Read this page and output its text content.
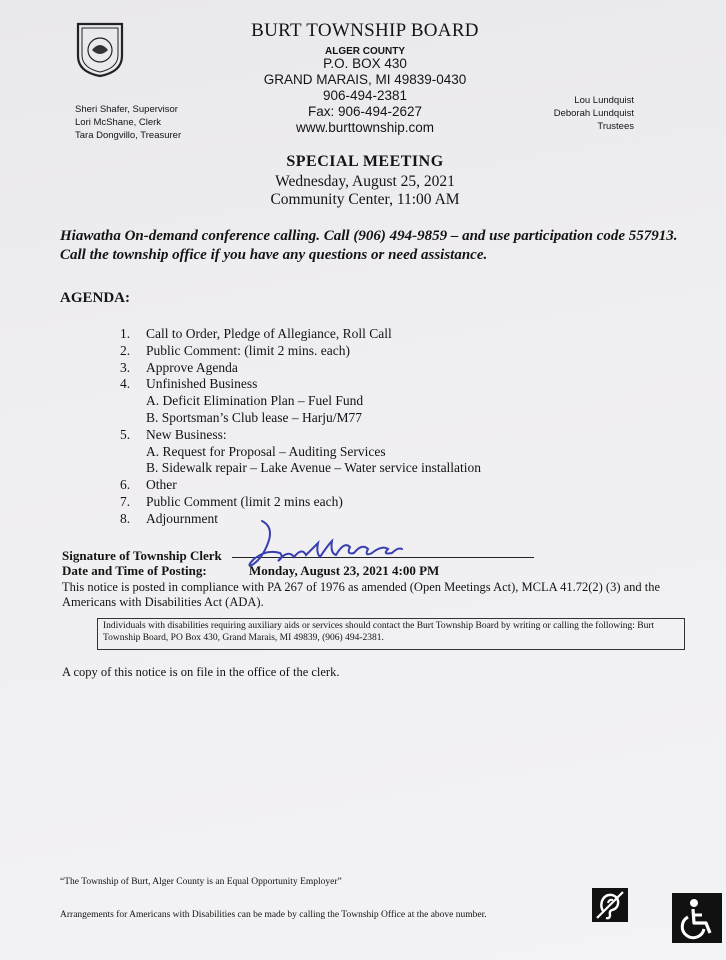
BURT TOWNSHIP BOARD
ALGER COUNTY
P.O. BOX 430
GRAND MARAIS, MI 49839-0430
906-494-2381
Fax: 906-494-2627
www.burttownship.com
Sheri Shafer, Supervisor
Lori McShane, Clerk
Tara Dongvillo, Treasurer
Lou Lundquist
Deborah Lundquist
Trustees
SPECIAL MEETING
Wednesday, August 25, 2021
Community Center, 11:00 AM
Hiawatha On-demand conference calling. Call (906) 494-9859 – and use participation code 557913. Call the township office if you have any questions or need assistance.
AGENDA:
1.	Call to Order, Pledge of Allegiance, Roll Call
2.	Public Comment: (limit 2 mins. each)
3.	Approve Agenda
4.	Unfinished Business
A. Deficit Elimination Plan – Fuel Fund
B. Sportsman’s Club lease – Harju/M77
5.	New Business:
A. Request for Proposal – Auditing Services
B. Sidewalk repair – Lake Avenue – Water service installation
6.	Other
7.	Public Comment (limit 2 mins each)
8.	Adjournment
Signature of Township Clerk
Date and Time of Posting:	Monday, August 23, 2021 4:00 PM
This notice is posted in compliance with PA 267 of 1976 as amended (Open Meetings Act), MCLA 41.72(2) (3) and the Americans with Disabilities Act (ADA).
Individuals with disabilities requiring auxiliary aids or services should contact the Burt Township Board by writing or calling the following: Burt Township Board, PO Box 430, Grand Marais, MI 49839, (906) 494-2381.
A copy of this notice is on file in the office of the clerk.
“The Township of Burt, Alger County is an Equal Opportunity Employer”
Arrangements for Americans with Disabilities can be made by calling the Township Office at the above number.
